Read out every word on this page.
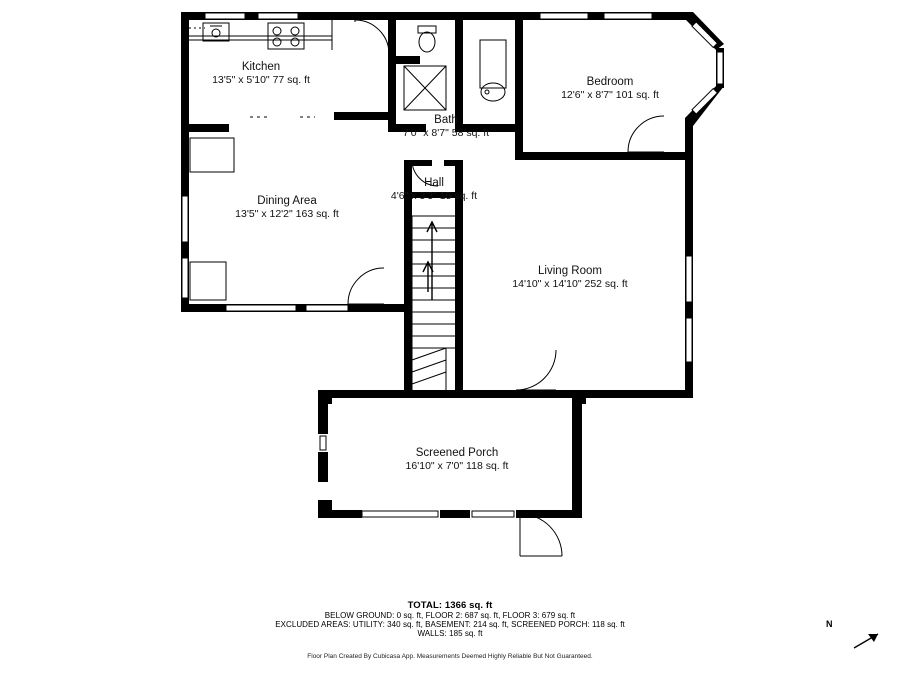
Kitchen
13'5" x 5'10" 77 sq. ft	Bedroom
12'6" x 8'7" 101 sq. ft
Bath
7'0" x 8'7" 58 sq. ft
Dining Area
13'5" x 12'2" 163 sq. ft
Hall
4'6" x 3'3" 15 sq. ft
Living Room
14'10" x 14'10" 252 sq. ft
Screened Porch
16'10" x 7'0" 118 sq. ft
TOTAL: 1366 sq. ft
BELOW GROUND: 0 sq. ft, FLOOR 2: 687 sq. ft, FLOOR 3: 679 sq. ft
EXCLUDED AREAS: UTILITY: 340 sq. ft, BASEMENT: 214 sq. ft, SCREENED PORCH: 118 sq. ft
WALLS: 185 sq. ft
Floor Plan Created By Cubicasa App. Measurements Deemed Highly Reliable But Not Guaranteed.
N
